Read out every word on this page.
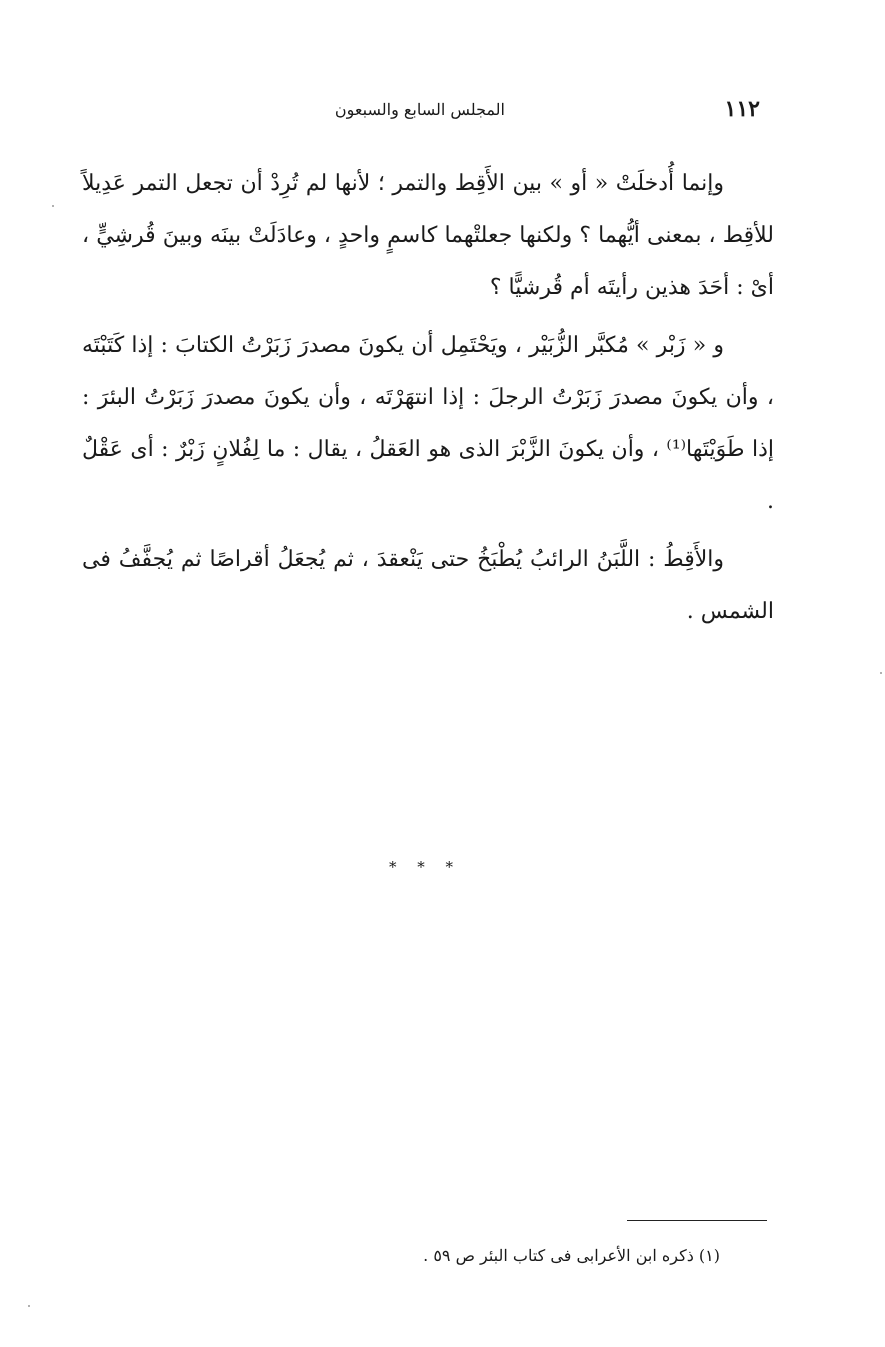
١١٢
المجلس السابع والسبعون

وإنما أُدخلَتْ « أو » بين الأَقِط والتمر ؛ لأنها لم تُرِدْ أن تجعل التمر عَدِيلاً للأقِط ، بمعنى أيُّهما ؟ ولكنها جعلتْهما كاسمٍ واحدٍ ، وعادَلَتْ بينَه وبينَ قُرشِيٍّ ، أىْ : أحَدَ هذين رأيتَه أم قُرشيًّا ؟

و « زَبْر » مُكبَّر الزُّبَيْر ، ويَحْتَمِل أن يكونَ مصدرَ زَبَرْتُ الكتابَ : إذا كَتَبْتَه ، وأن يكونَ مصدرَ زَبَرْتُ الرجلَ : إذا انتهَرْتَه ، وأن يكونَ مصدرَ زَبَرْتُ البئرَ : إذا طَوَيْتَها⁽¹⁾ ، وأن يكونَ الزَّبْرَ الذى هو العَقلُ ، يقال : ما لِفُلانٍ زَبْرٌ : أى عَقْلٌ .

والأَقِطُ : اللَّبَنُ الرائبُ يُطْبَخُ حتى يَنْعقدَ ، ثم يُجعَلُ أقراصًا ثم يُجفَّفُ فى الشمس .

* * *
(١) ذكره ابن الأعرابى فى كتاب البئر ص ٥٩ .
